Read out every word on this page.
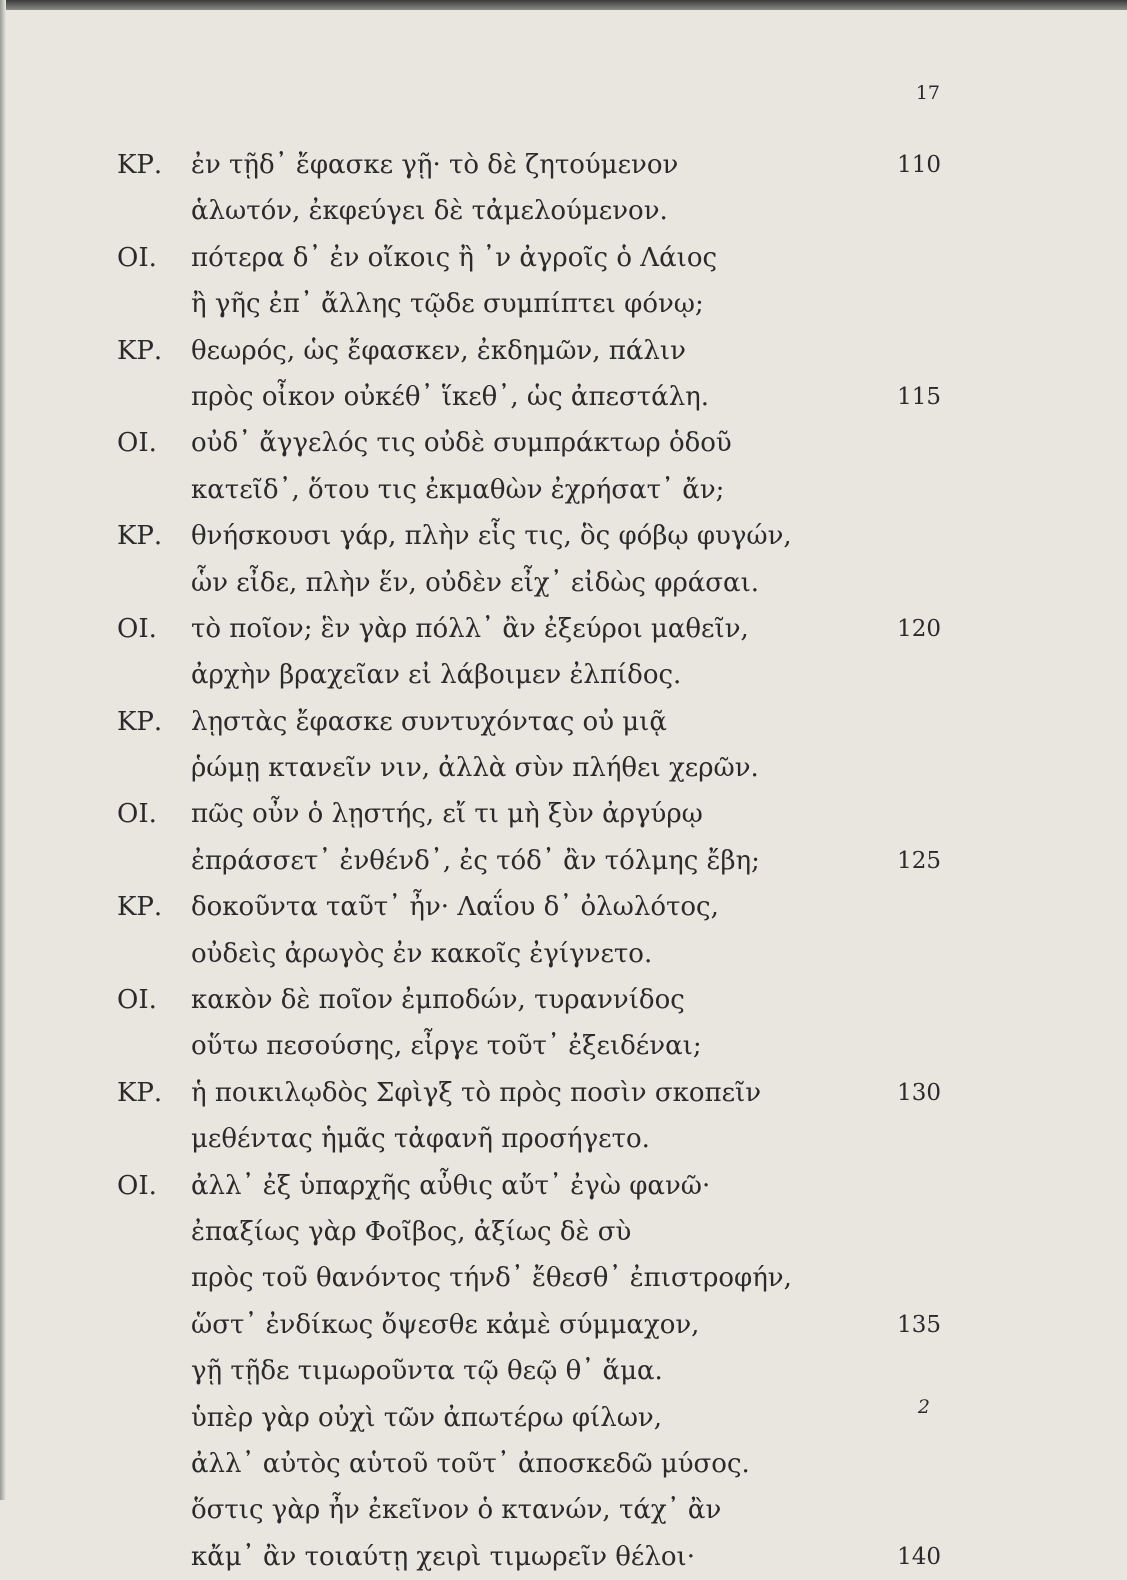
17
ΚΡ.	ἐν τῇδ᾽ ἔφασκε γῇ· τὸ δὲ ζητούμενον	110
ἁλωτόν, ἐκφεύγει δὲ τἀμελούμενον.
ΟΙ.	πότερα δ᾽ ἐν οἴκοις ἢ ᾽ν ἀγροῖς ὁ Λάιος
ἢ γῆς ἐπ᾽ ἄλλης τῷδε συμπίπτει φόνῳ;
ΚΡ.	θεωρός, ὡς ἔφασκεν, ἐκδημῶν, πάλιν
πρὸς οἶκον οὐκέθ᾽ ἵκεθ᾽, ὡς ἀπεστάλη.	115
ΟΙ.	οὐδ᾽ ἄγγελός τις οὐδὲ συμπράκτωρ ὁδοῦ
κατεῖδ᾽, ὅτου τις ἐκμαθὼν ἐχρήσατ᾽ ἄν;
ΚΡ.	θνήσκουσι γάρ, πλὴν εἷς τις, ὃς φόβῳ φυγών,
ὧν εἶδε, πλὴν ἕν, οὐδὲν εἶχ᾽ εἰδὼς φράσαι.
ΟΙ.	τὸ ποῖον; ἓν γὰρ πόλλ᾽ ἂν ἐξεύροι μαθεῖν,	120
ἀρχὴν βραχεῖαν εἰ λάβοιμεν ἐλπίδος.
ΚΡ.	λῃστὰς ἔφασκε συντυχόντας οὐ μιᾷ
ῥώμῃ κτανεῖν νιν, ἀλλὰ σὺν πλήθει χερῶν.
ΟΙ.	πῶς οὖν ὁ λῃστής, εἴ τι μὴ ξὺν ἀργύρῳ
ἐπράσσετ᾽ ἐνθένδ᾽, ἐς τόδ᾽ ἂν τόλμης ἔβη;	125
ΚΡ.	δοκοῦντα ταῦτ᾽ ἦν· Λαΐου δ᾽ ὀλωλότος,
οὐδεὶς ἀρωγὸς ἐν κακοῖς ἐγίγνετο.
ΟΙ.	κακὸν δὲ ποῖον ἐμποδών, τυραννίδος
οὕτω πεσούσης, εἶργε τοῦτ᾽ ἐξειδέναι;
ΚΡ.	ἡ ποικιλῳδὸς Σφὶγξ τὸ πρὸς ποσὶν σκοπεῖν	130
μεθέντας ἡμᾶς τἀφανῆ προσήγετο.
ΟΙ.	ἀλλ᾽ ἐξ ὑπαρχῆς αὖθις αὔτ᾽ ἐγὼ φανῶ·
ἐπαξίως γὰρ Φοῖβος, ἀξίως δὲ σὺ
πρὸς τοῦ θανόντος τήνδ᾽ ἔθεσθ᾽ ἐπιστροφήν,
ὥστ᾽ ἐνδίκως ὄψεσθε κἀμὲ σύμμαχον,	135
γῇ τῇδε τιμωροῦντα τῷ θεῷ θ᾽ ἅμα.
ὑπὲρ γὰρ οὐχὶ τῶν ἀπωτέρω φίλων,
ἀλλ᾽ αὐτὸς αὑτοῦ τοῦτ᾽ ἀποσκεδῶ μύσος.
ὅστις γὰρ ἦν ἐκεῖνον ὁ κτανών, τάχ᾽ ἂν
κἄμ᾽ ἂν τοιαύτῃ χειρὶ τιμωρεῖν θέλοι·	140
2
